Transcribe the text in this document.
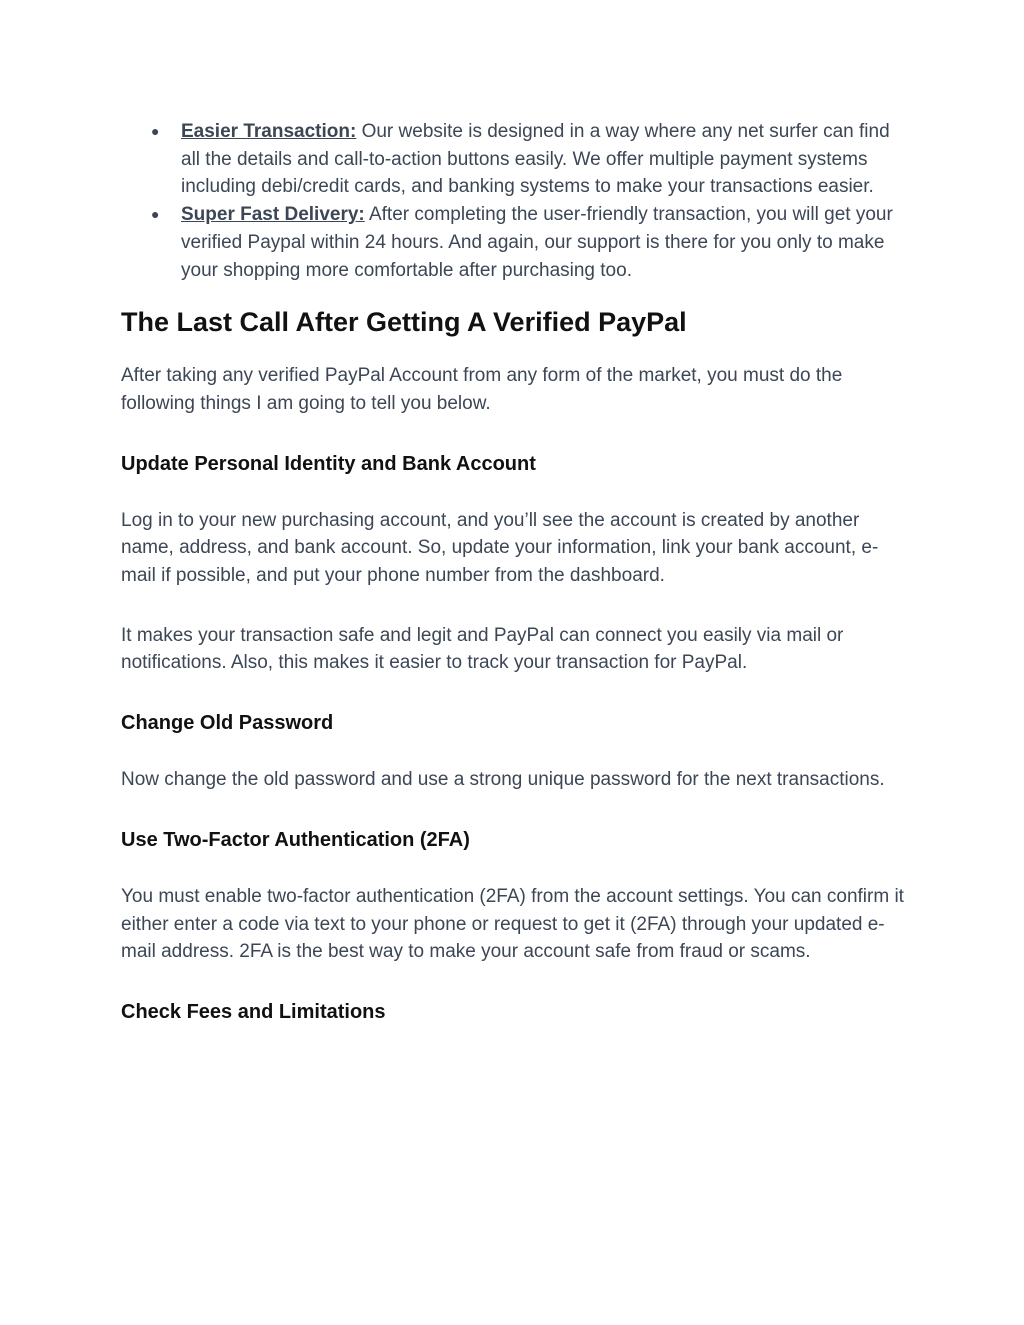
● Easier Transaction: Our website is designed in a way where any net surfer can find all the details and call-to-action buttons easily. We offer multiple payment systems including debi/credit cards, and banking systems to make your transactions easier.
● Super Fast Delivery: After completing the user-friendly transaction, you will get your verified Paypal within 24 hours. And again, our support is there for you only to make your shopping more comfortable after purchasing too.
The Last Call After Getting A Verified PayPal

After taking any verified PayPal Account from any form of the market, you must do the following things I am going to tell you below.

Update Personal Identity and Bank Account

Log in to your new purchasing account, and you’ll see the account is created by another name, address, and bank account. So, update your information, link your bank account, e-mail if possible, and put your phone number from the dashboard.

It makes your transaction safe and legit and PayPal can connect you easily via mail or notifications. Also, this makes it easier to track your transaction for PayPal.

Change Old Password

Now change the old password and use a strong unique password for the next transactions.

Use Two-Factor Authentication (2FA)

You must enable two-factor authentication (2FA) from the account settings. You can confirm it either enter a code via text to your phone or request to get it (2FA) through your updated e-mail address. 2FA is the best way to make your account safe from fraud or scams.

Check Fees and Limitations
